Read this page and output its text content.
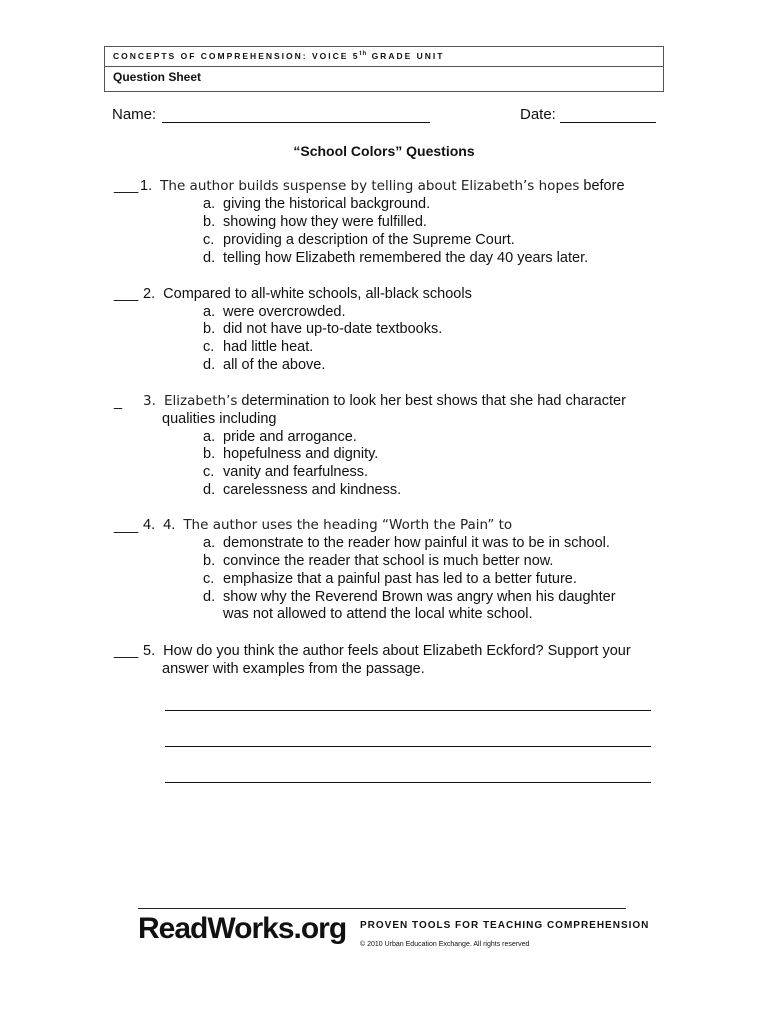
CONCEPTS OF COMPREHENSION: VOICE 5th GRADE UNIT
Question Sheet
Name:	Date:
“School Colors” Questions
___ 1. The author builds suspense by telling about Elizabeth’s hopes before
a. giving the historical background.
b. showing how they were fulfilled.
c. providing a description of the Supreme Court.
d. telling how Elizabeth remembered the day 40 years later.
___ 2. Compared to all-white schools, all-black schools
a. were overcrowded.
b. did not have up-to-date textbooks.
c. had little heat.
d. all of the above.
_ 3. Elizabeth’s determination to look her best shows that she had character
qualities including
a. pride and arrogance.
b. hopefulness and dignity.
c. vanity and fearfulness.
d. carelessness and kindness.
___ 4. 4. The author uses the heading “Worth the Pain” to
a. demonstrate to the reader how painful it was to be in school.
b. convince the reader that school is much better now.
c. emphasize that a painful past has led to a better future.
d. show why the Reverend Brown was angry when his daughter
was not allowed to attend the local white school.
___ 5. How do you think the author feels about Elizabeth Eckford? Support your
answer with examples from the passage.
ReadWorks.org PROVEN TOOLS FOR TEACHING COMPREHENSION
© 2010 Urban Education Exchange. All rights reserved
